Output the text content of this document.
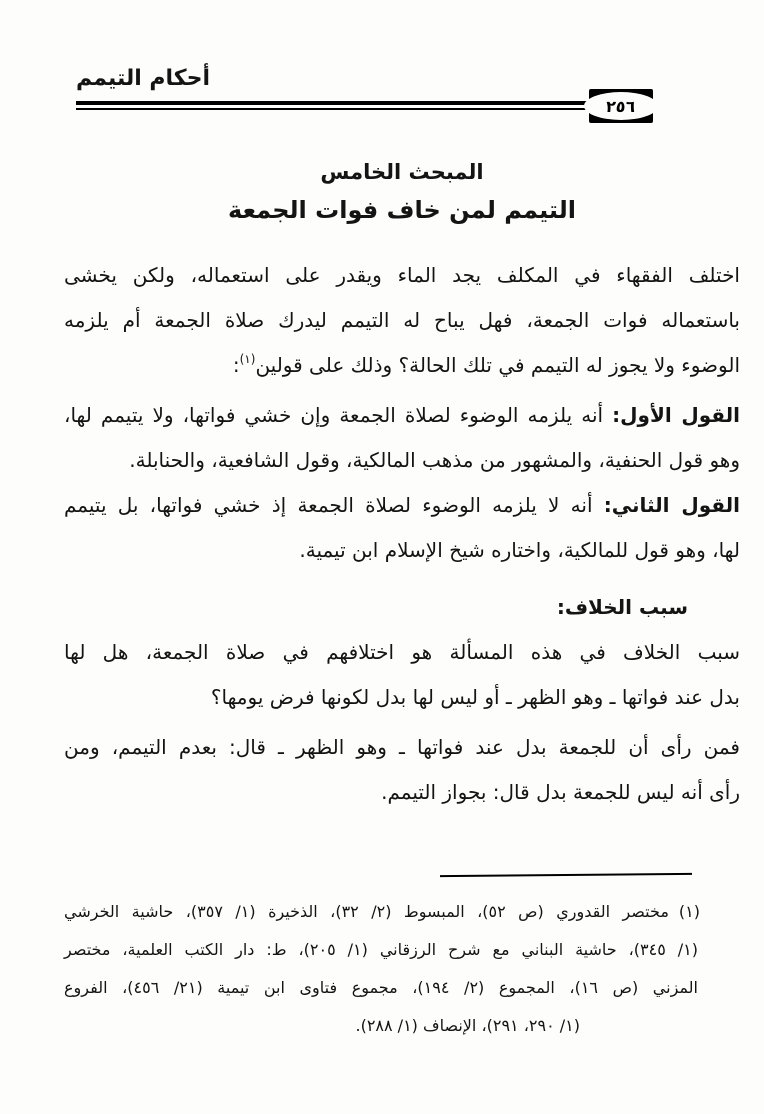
أحكام التيمم
٢٥٦
المبحث الخامس
التيمم لمن خاف فوات الجمعة

اختلف الفقهاء في المكلف يجد الماء ويقدر على استعماله، ولكن يخشى
باستعماله فوات الجمعة، فهل يباح له التيمم ليدرك صلاة الجمعة أم يلزمه
الوضوء ولا يجوز له التيمم في تلك الحالة؟ وذلك على قولين$^{(١)}$:

القول الأول: أنه يلزمه الوضوء لصلاة الجمعة وإن خشي فواتها، ولا يتيمم لها،
وهو قول الحنفية، والمشهور من مذهب المالكية، وقول الشافعية، والحنابلة.

القول الثاني: أنه لا يلزمه الوضوء لصلاة الجمعة إذ خشي فواتها، بل يتيمم
لها، وهو قول للمالكية، واختاره شيخ الإسلام ابن تيمية.

سبب الخلاف:

سبب الخلاف في هذه المسألة هو اختلافهم في صلاة الجمعة، هل لها
بدل عند فواتها ـ وهو الظهر ـ أو ليس لها بدل لكونها فرض يومها؟

فمن رأى أن للجمعة بدل عند فواتها ـ وهو الظهر ـ قال: بعدم التيمم، ومن
رأى أنه ليس للجمعة بدل قال: بجواز التيمم.

(١)مختصر القدوري (ص ٥٢)، المبسوط (٢/ ٣٢)، الذخيرة (١/ ٣٥٧)، حاشية الخرشي
(١/ ٣٤٥)، حاشية البناني مع شرح الرزقاني (١/ ٢٠٥)، ط: دار الكتب العلمية، مختصر
المزني (ص ١٦)، المجموع (٢/ ١٩٤)، مجموع فتاوى ابن تيمية (٢١/ ٤٥٦)، الفروع
(١/ ٢٩٠، ٢٩١)، الإنصاف (١/ ٢٨٨).
